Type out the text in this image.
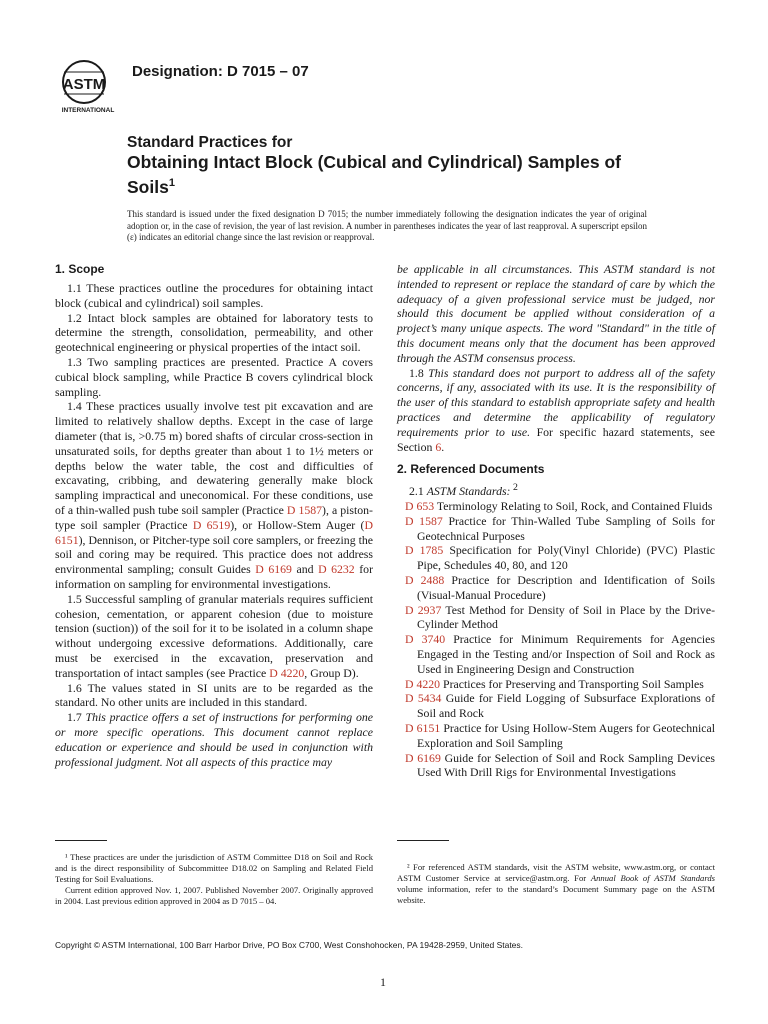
ASTM
INTERNATIONAL
Designation: D 7015 – 07
Standard Practices for
Obtaining Intact Block (Cubical and Cylindrical) Samples of Soils$^1$
This standard is issued under the fixed designation D 7015; the number immediately following the designation indicates the year of original adoption or, in the case of revision, the year of last revision. A number in parentheses indicates the year of last reapproval. A superscript epsilon (ε) indicates an editorial change since the last revision or reapproval.
1. Scope

1.1 These practices outline the procedures for obtaining intact block (cubical and cylindrical) soil samples.

1.2 Intact block samples are obtained for laboratory tests to determine the strength, consolidation, permeability, and other geotechnical engineering or physical properties of the intact soil.

1.3 Two sampling practices are presented. Practice A covers cubical block sampling, while Practice B covers cylindrical block sampling.

1.4 These practices usually involve test pit excavation and are limited to relatively shallow depths. Except in the case of large diameter (that is, >0.75 m) bored shafts of circular cross-section in unsaturated soils, for depths greater than about 1 to 1½ meters or depths below the water table, the cost and difficulties of excavating, cribbing, and dewatering generally make block sampling impractical and uneconomical. For these conditions, use of a thin-walled push tube soil sampler (Practice D 1587), a piston-type soil sampler (Practice D 6519), or Hollow-Stem Auger (D 6151), Dennison, or Pitcher-type soil core samplers, or freezing the soil and coring may be required. This practice does not address environmental sampling; consult Guides D 6169 and D 6232 for information on sampling for environmental investigations.

1.5 Successful sampling of granular materials requires sufficient cohesion, cementation, or apparent cohesion (due to moisture tension (suction)) of the soil for it to be isolated in a column shape without undergoing excessive deformations. Additionally, care must be exercised in the excavation, preservation and transportation of intact samples (see Practice D 4220, Group D).

1.6 The values stated in SI units are to be regarded as the standard. No other units are included in this standard.

1.7 This practice offers a set of instructions for performing one or more specific operations. This document cannot replace education or experience and should be used in conjunction with professional judgment. Not all aspects of this practice may

be applicable in all circumstances. This ASTM standard is not intended to represent or replace the standard of care by which the adequacy of a given professional service must be judged, nor should this document be applied without consideration of a project’s many unique aspects. The word "Standard" in the title of this document means only that the document has been approved through the ASTM consensus process.

1.8 This standard does not purport to address all of the safety concerns, if any, associated with its use. It is the responsibility of the user of this standard to establish appropriate safety and health practices and determine the applicability of regulatory requirements prior to use. For specific hazard statements, see Section 6.

2. Referenced Documents

2.1 ASTM Standards: $^2$

D 653 Terminology Relating to Soil, Rock, and Contained Fluids
D 1587 Practice for Thin-Walled Tube Sampling of Soils for Geotechnical Purposes
D 1785 Specification for Poly(Vinyl Chloride) (PVC) Plastic Pipe, Schedules 40, 80, and 120
D 2488 Practice for Description and Identification of Soils (Visual-Manual Procedure)
D 2937 Test Method for Density of Soil in Place by the Drive-Cylinder Method
D 3740 Practice for Minimum Requirements for Agencies Engaged in the Testing and/or Inspection of Soil and Rock as Used in Engineering Design and Construction
D 4220 Practices for Preserving and Transporting Soil Samples
D 5434 Guide for Field Logging of Subsurface Explorations of Soil and Rock
D 6151 Practice for Using Hollow-Stem Augers for Geotechnical Exploration and Soil Sampling
D 6169 Guide for Selection of Soil and Rock Sampling Devices Used With Drill Rigs for Environmental Investigations

¹ These practices are under the jurisdiction of ASTM Committee D18 on Soil and Rock and is the direct responsibility of Subcommittee D18.02 on Sampling and Related Field Testing for Soil Evaluations.

Current edition approved Nov. 1, 2007. Published November 2007. Originally approved in 2004. Last previous edition approved in 2004 as D 7015 – 04.

² For referenced ASTM standards, visit the ASTM website, www.astm.org, or contact ASTM Customer Service at service@astm.org. For Annual Book of ASTM Standards volume information, refer to the standard’s Document Summary page on the ASTM website.

Copyright © ASTM International, 100 Barr Harbor Drive, PO Box C700, West Conshohocken, PA 19428-2959, United States.
1
